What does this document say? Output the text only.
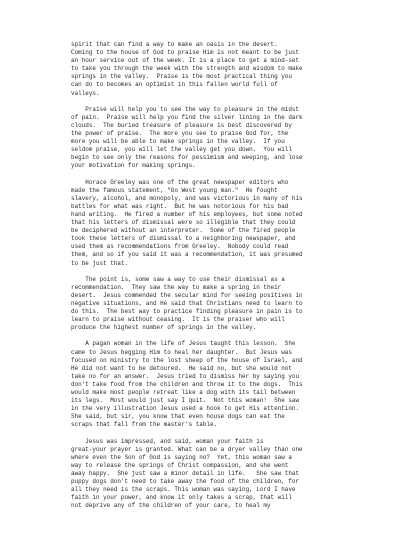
spirit that can find a way to make an oasis in the desert.
Coming to the house of God to praise Him is not meant to be just
an hour service out of the week. It is a place to get a mind-set
to take you through the week with the strength and wisdom to make
springs in the valley.  Praise is the most practical thing you
can do to becomes an optimist in this fallen world full of
valleys.
Praise will help you to see the way to pleasure in the midst
of pain.  Praise will help you find the silver lining in the dark
clouds.  The buried treasure of pleasure is best discovered by
the power of praise.  The more you see to praise God for, the
more you will be able to make springs in the valley.  If you
seldom praise, you will let the valley get you down.  You will
begin to see only the reasons for pessimism and weeping, and lose
your motivation for making springs.
Horace Greeley was one of the great newspaper editors who
made the famous statement, "Go West young man."  He fought
slavery, alcohol, and monopoly, and was victorious in many of his
battles for what was right.  But he was notorious for his bad
hand writing.  He fired a number of his employees, but some noted
that his letters of dismissal were so illegible that they could
be deciphered without an interpreter.  Some of the fired people
took these letters of dismissal to a neighboring newspaper, and
used them as recommendations from Greeley.  Nobody could read
them, and so if you said it was a recommendation, it was presumed
to be just that.
The point is, some saw a way to use their dismissal as a
recommendation.  They saw the way to make a spring in their
desert.  Jesus commended the secular mind for seeing positives in
negative situations, and He said that Christians need to learn to
do this.  The best way to practice finding pleasure in pain is to
learn to praise without ceasing.  It is the praiser who will
produce the highest number of springs in the valley.
A pagan woman in the life of Jesus taught this lesson.  She
came to Jesus begging Him to heal her daughter.  But Jesus was
focused on ministry to the lost sheep of the house of Israel, and
He did not want to be detoured.  He said no, but she would not
take no for an answer.  Jesus tried to dismiss her by saying you
don't take food from the children and throw it to the dogs.  This
would make most people retreat like a dog with its tail between
its legs.  Most would just say I quit.  Not this woman!  She saw
in the very illustration Jesus used a hook to get His attention.
She said, but sir, you know that even house dogs can eat the
scraps that fall from the master's table.
Jesus was impressed, and said, woman your faith is
great-your prayer is granted. What can be a dryer valley than one
where even the Son of God is saying no?  Yet, this woman saw a
way to release the springs of Christ compassion, and she went
away happy.  She just saw a minor detail in life.   She saw that
puppy dogs don't need to take away the food of the children, for
all they need is the scraps. This woman was saying, Lord I have
faith in your power, and know it only takes a scrap, that will
not deprive any of the children of your care, to heal my
